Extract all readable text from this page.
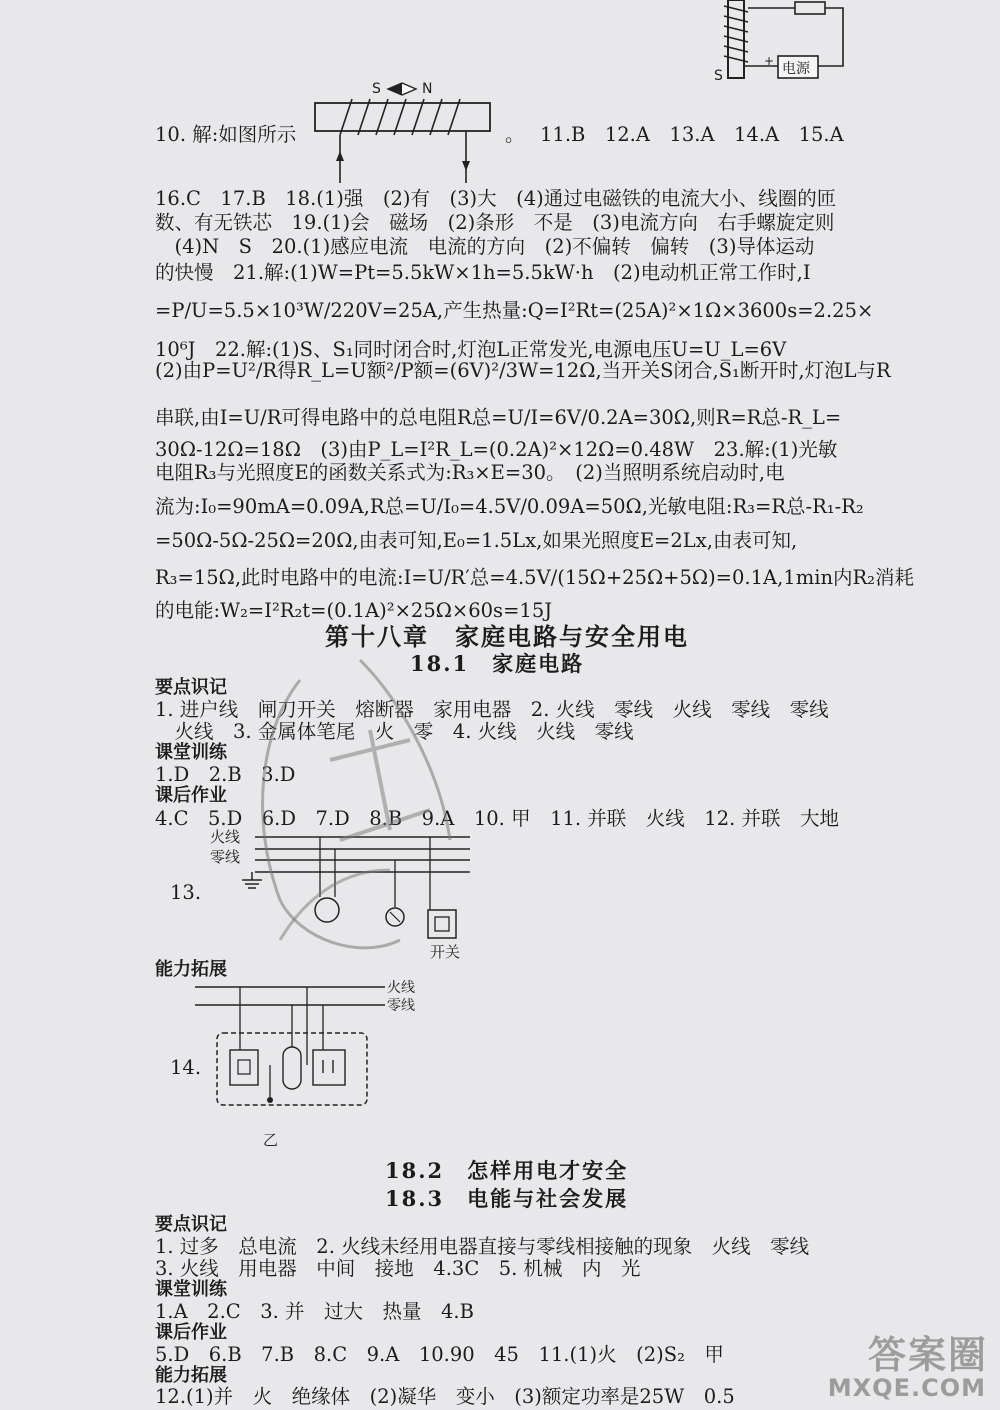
电源
+
S
S	N
10. 解:如图所示	。 11.B　12.A　13.A　14.A　15.A
16.C　17.B　18.(1)强　(2)有　(3)大　(4)通过电磁铁的电流大小、线圈的匝
数、有无铁芯　19.(1)会　磁场　(2)条形　不是　(3)电流方向　右手螺旋定则
　(4)N　S　20.(1)感应电流　电流的方向　(2)不偏转　偏转　(3)导体运动
的快慢　21.解:(1)W=Pt=5.5kW×1h=5.5kW·h　(2)电动机正常工作时,I
=P/U=5.5×10³W/220V=25A,产生热量:Q=I²Rt=(25A)²×1Ω×3600s=2.25×
10⁶J　22.解:(1)S、S₁同时闭合时,灯泡L正常发光,电源电压U=U_L=6V
(2)由P=U²/R得R_L=U额²/P额=(6V)²/3W=12Ω,当开关S闭合,S₁断开时,灯泡L与R
串联,由I=U/R可得电路中的总电阻R总=U/I=6V/0.2A=30Ω,则R=R总-R_L=
30Ω-12Ω=18Ω　(3)由P_L=I²R_L=(0.2A)²×12Ω=0.48W　23.解:(1)光敏
电阻R₃与光照度E的函数关系式为:R₃×E=30。　(2)当照明系统启动时,电
流为:I₀=90mA=0.09A,R总=U/I₀=4.5V/0.09A=50Ω,光敏电阻:R₃=R总-R₁-R₂
=50Ω-5Ω-25Ω=20Ω,由表可知,E₀=1.5Lx,如果光照度E=2Lx,由表可知,
R₃=15Ω,此时电路中的电流:I=U/R′总=4.5V/(15Ω+25Ω+5Ω)=0.1A,1min内R₂消耗
的电能:W₂=I²R₂t=(0.1A)²×25Ω×60s=15J
第十八章　家庭电路与安全用电
18.1　家庭电路
要点识记
1. 进户线　闸刀开关　熔断器　家用电器　2. 火线　零线　火线　零线　零线
　火线　3. 金属体笔尾　火　零　4. 火线　火线　零线
课堂训练
1.D　2.B　3.D
课后作业
4.C　5.D　6.D　7.D　8.B　9.A　10. 甲　11. 并联　火线　12. 并联　大地
13.
火线
零线
开关
能力拓展
14.
火线
零线
乙
18.2　怎样用电才安全
18.3　电能与社会发展
要点识记
1. 过多　总电流　2. 火线未经用电器直接与零线相接触的现象　火线　零线
3. 火线　用电器　中间　接地　4.3C　5. 机械　内　光
课堂训练
1.A　2.C　3. 并　过大　热量　4.B
课后作业
5.D　6.B　7.B　8.C　9.A　10.90　45　11.(1)火　(2)S₂　甲
能力拓展
12.(1)并　火　绝缘体　(2)凝华　变小　(3)额定功率是25W　0.5
答案圈
MXQE.COM
